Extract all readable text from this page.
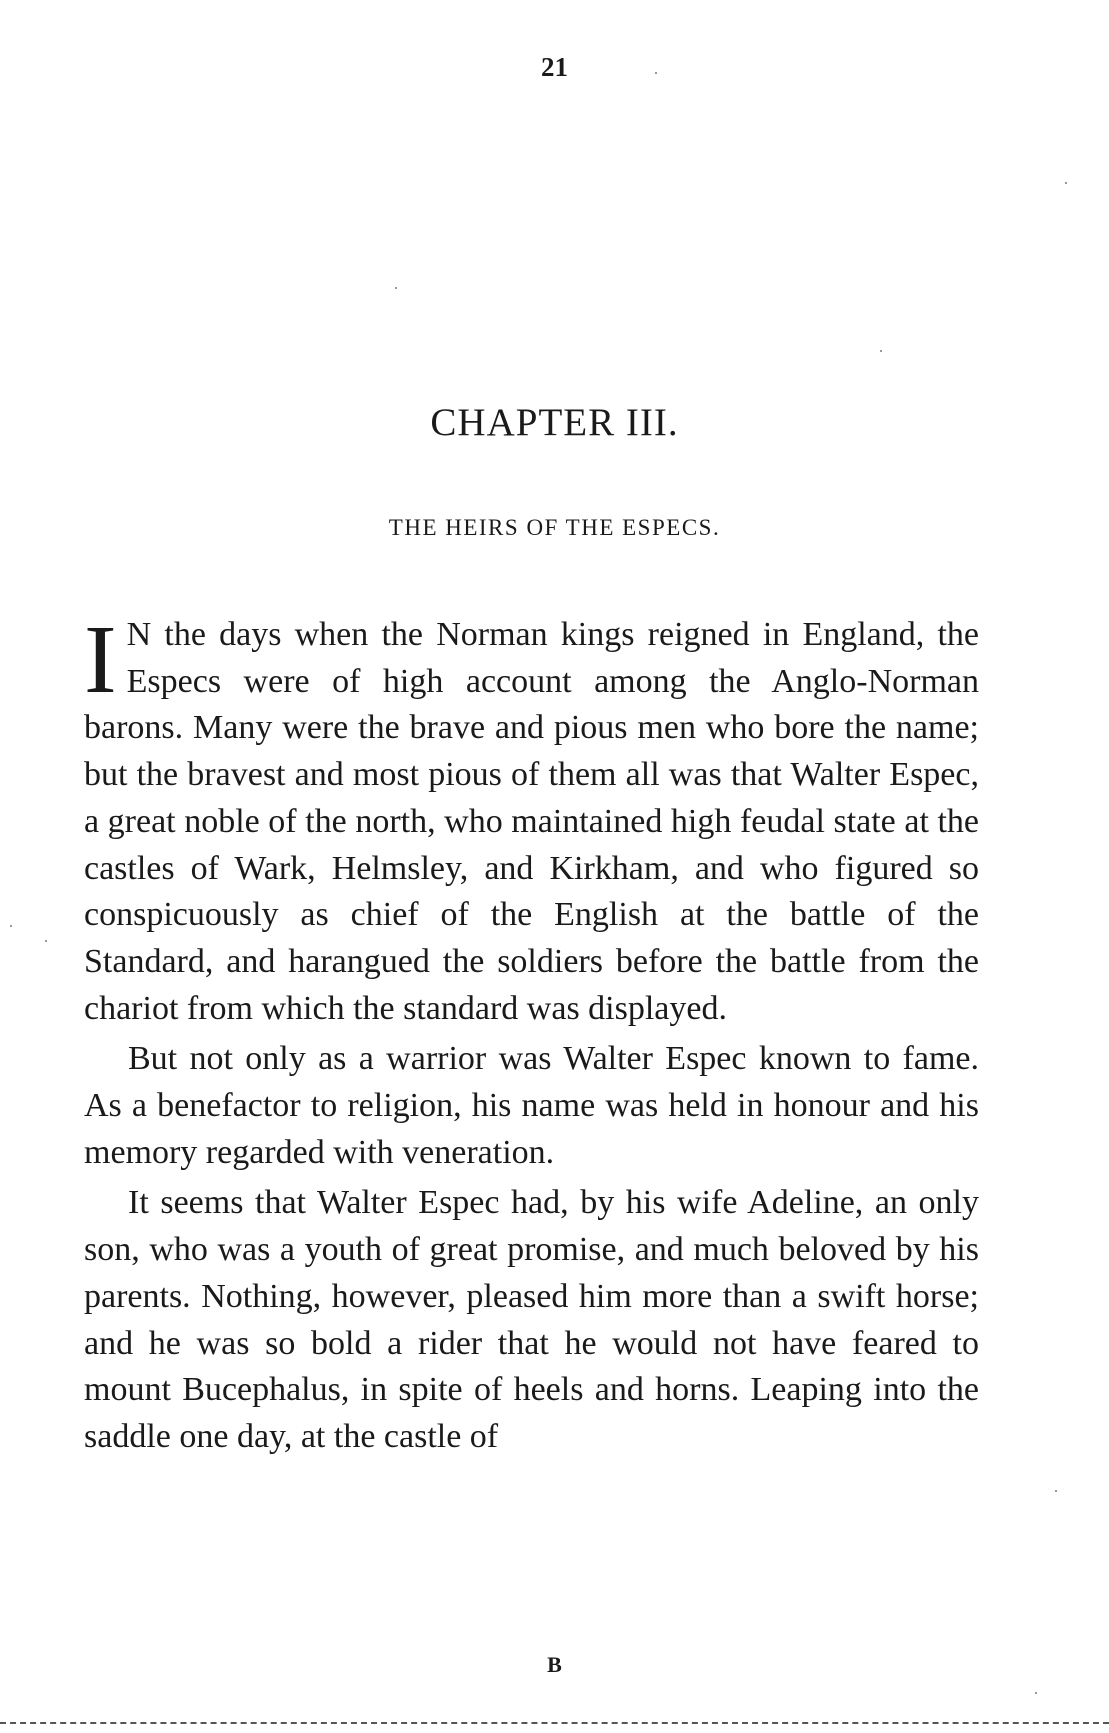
21
CHAPTER III.
THE HEIRS OF THE ESPECS.

I N the days when the Norman kings reigned in England, the Especs were of high account among the Anglo-Norman barons. Many were the brave and pious men who bore the name; but the bravest and most pious of them all was that Walter Espec, a great noble of the north, who maintained high feudal state at the castles of Wark, Helmsley, and Kirkham, and who figured so conspicuously as chief of the English at the battle of the Standard, and harangued the soldiers before the battle from the chariot from which the standard was displayed.

But not only as a warrior was Walter Espec known to fame. As a benefactor to religion, his name was held in honour and his memory regarded with veneration.

It seems that Walter Espec had, by his wife Adeline, an only son, who was a youth of great promise, and much beloved by his parents. Nothing, however, pleased him more than a swift horse; and he was so bold a rider that he would not have feared to mount Bucephalus, in spite of heels and horns. Leaping into the saddle one day, at the castle of

B
